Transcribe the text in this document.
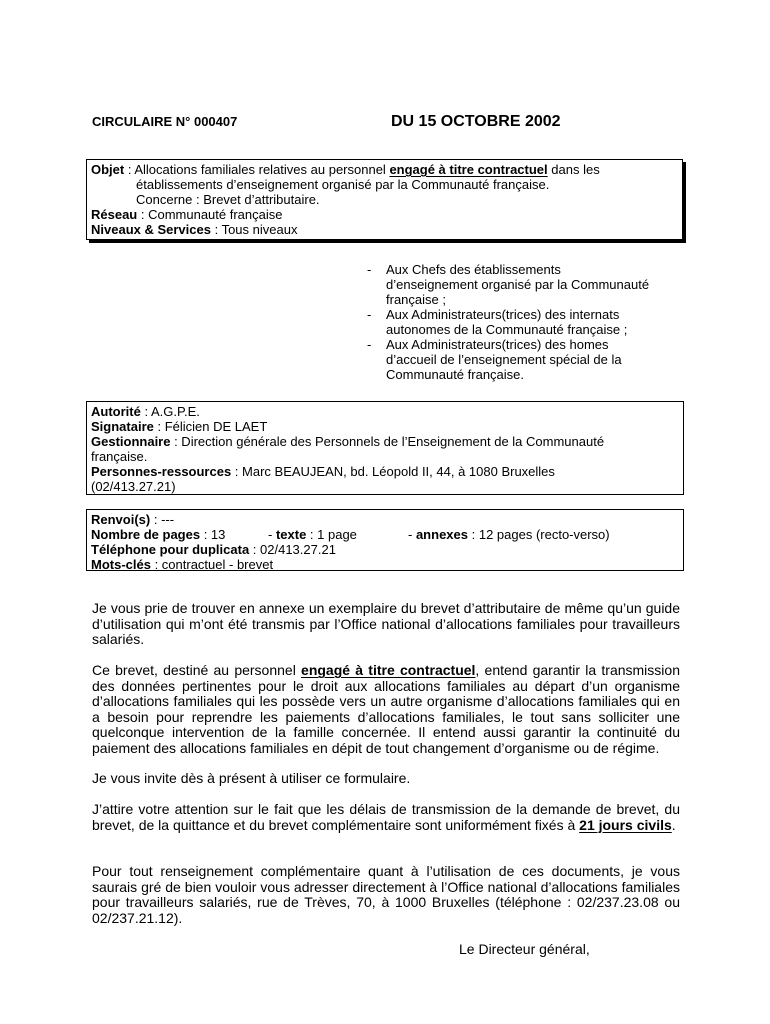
CIRCULAIRE N° 000407	DU 15 OCTOBRE 2002
Objet : Allocations familiales relatives au personnel engagé à titre contractuel dans les
établissements d’enseignement organisé par la Communauté française.
Concerne : Brevet d’attributaire.
Réseau : Communauté française
Niveaux & Services : Tous niveaux
- Aux Chefs des établissements
d’enseignement organisé par la Communauté
française ;
- Aux Administrateurs(trices) des internats
autonomes de la Communauté française ;
- Aux Administrateurs(trices) des homes
d’accueil de l’enseignement spécial de la
Communauté française.
Autorité : A.G.P.E.
Signataire : Félicien DE LAET
Gestionnaire : Direction générale des Personnels de l’Enseignement de la Communauté
française.
Personnes-ressources : Marc BEAUJEAN, bd. Léopold II, 44, à 1080 Bruxelles
(02/413.27.21)
Renvoi(s) : ---
Nombre de pages : 13	- texte : 1 page	- annexes : 12 pages (recto-verso)
Téléphone pour duplicata : 02/413.27.21
Mots-clés : contractuel - brevet
Je vous prie de trouver en annexe un exemplaire du brevet d’attributaire de même qu’un guide d’utilisation qui m’ont été transmis par l’Office national d’allocations familiales pour travailleurs salariés.
Ce brevet, destiné au personnel engagé à titre contractuel, entend garantir la transmission des données pertinentes pour le droit aux allocations familiales au départ d’un organisme d’allocations familiales qui les possède vers un autre organisme d’allocations familiales qui en a besoin pour reprendre les paiements d’allocations familiales, le tout sans solliciter une quelconque intervention de la famille concernée. Il entend aussi garantir la continuité du paiement des allocations familiales en dépit de tout changement d’organisme ou de régime.
Je vous invite dès à présent à utiliser ce formulaire.
J’attire votre attention sur le fait que les délais de transmission de la demande de brevet, du brevet, de la quittance et du brevet complémentaire sont uniformément fixés à 21 jours civils.
Pour tout renseignement complémentaire quant à l’utilisation de ces documents, je vous saurais gré de bien vouloir vous adresser directement à l’Office national d’allocations familiales pour travailleurs salariés, rue de Trèves, 70, à 1000 Bruxelles (téléphone : 02/237.23.08 ou 02/237.21.12).
Le Directeur général,
